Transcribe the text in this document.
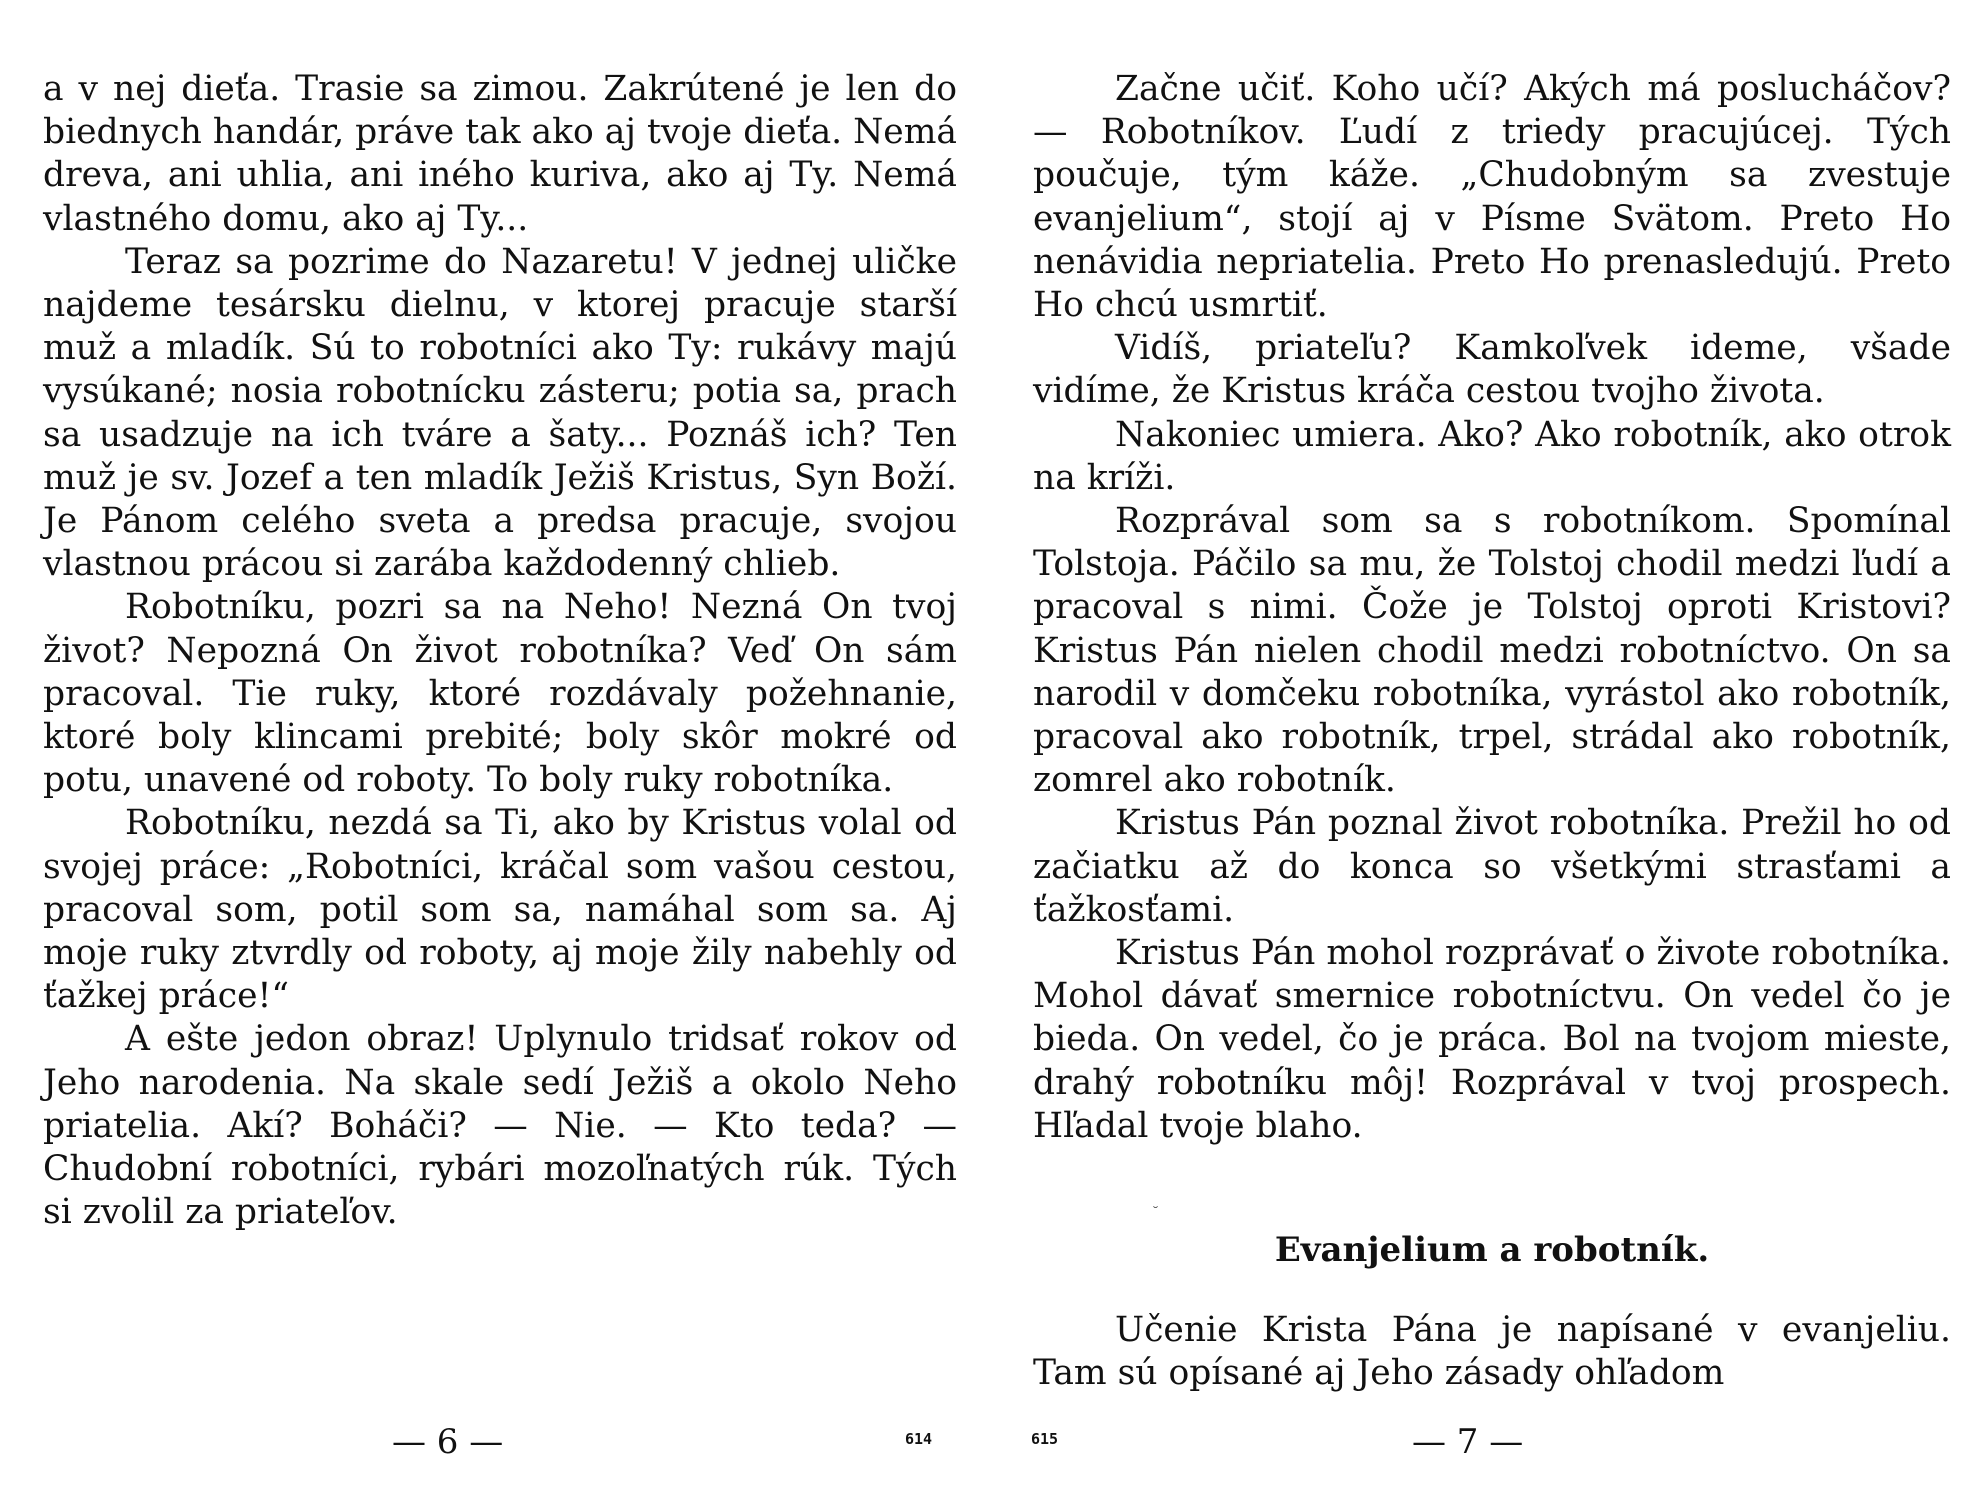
a v nej dieťa. Trasie sa zimou. Zakrútené je len do biednych handár, práve tak ako aj tvoje dieťa. Nemá dreva, ani uhlia, ani iného kuriva, ako aj Ty. Nemá vlastného domu, ako aj Ty...

Teraz sa pozrime do Nazaretu! V jednej uličke najdeme tesársku dielnu, v ktorej pracuje starší muž a mladík. Sú to robotníci ako Ty: rukávy majú vysúkané; nosia robotnícku zásteru; potia sa, prach sa usadzuje na ich tváre a šaty... Poznáš ich? Ten muž je sv. Jozef a ten mladík Ježiš Kristus, Syn Boží. Je Pánom celého sveta a predsa pracuje, svojou vlastnou prácou si zarába každodenný chlieb.

Robotníku, pozri sa na Neho! Nezná On tvoj život? Nepozná On život robotníka? Veď On sám pracoval. Tie ruky, ktoré rozdávaly požehnanie, ktoré boly klincami prebité; boly skôr mokré od potu, unavené od roboty. To boly ruky robotníka.

Robotníku, nezdá sa Ti, ako by Kristus volal od svojej práce: „Robotníci, kráčal som vašou cestou, pracoval som, potil som sa, namáhal som sa. Aj moje ruky ztvrdly od roboty, aj moje žily nabehly od ťažkej práce!“

A ešte jedon obraz! Uplynulo tridsať rokov od Jeho narodenia. Na skale sedí Ježiš a okolo Neho priatelia. Akí? Boháči? — Nie. — Kto teda? — Chudobní robotníci, rybári mozoľnatých rúk. Tých si zvolil za priateľov.

— 6 —	614

Začne učiť. Koho učí? Akých má poslucháčov? — Robotníkov. Ľudí z triedy pracujúcej. Tých poučuje, tým káže. „Chudobným sa zvestuje evanjelium“, stojí aj v Písme Svätom. Preto Ho nenávidia nepriatelia. Preto Ho prenasledujú. Preto Ho chcú usmrtiť.

Vidíš, priateľu? Kamkoľvek ideme, všade vidíme, že Kristus kráča cestou tvojho života.

Nakoniec umiera. Ako? Ako robotník, ako otrok na kríži.

Rozprával som sa s robotníkom. Spomínal Tolstoja. Páčilo sa mu, že Tolstoj chodil medzi ľudí a pracoval s nimi. Čože je Tolstoj oproti Kristovi? Kristus Pán nielen chodil medzi robotníctvo. On sa narodil v domčeku robotníka, vyrástol ako robotník, pracoval ako robotník, trpel, strádal ako robotník, zomrel ako robotník.

Kristus Pán poznal život robotníka. Prežil ho od začiatku až do konca so všetkými strasťami a ťažkosťami.

Kristus Pán mohol rozprávať o živote robotníka. Mohol dávať smernice robotníctvu. On vedel čo je bieda. On vedel, čo je práca. Bol na tvojom mieste, drahý robotníku môj! Rozprával v tvoj prospech. Hľadal tvoje blaho.

Evanjelium a robotník.

Učenie Krista Pána je napísané v evanjeliu. Tam sú opísané aj Jeho zásady ohľadom

˘
— 7 —
615
